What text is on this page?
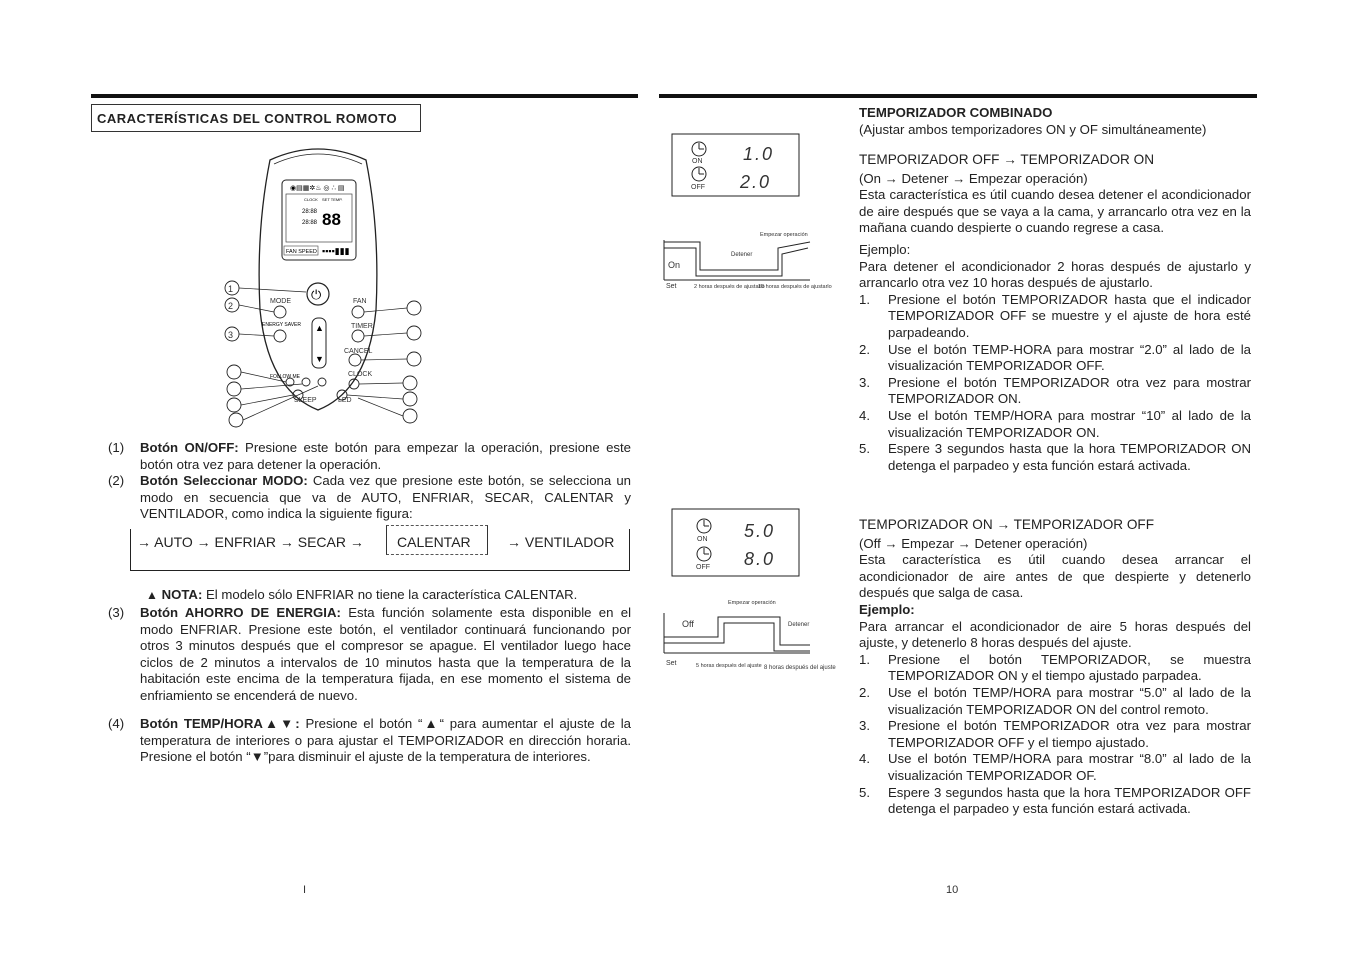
CARACTERÍSTICAS DEL CONTROL ROMOTO
◉▤▦✲♨ ◎ ∴ ▤
88
28:88
28:88
FAN SPEED ▪▪▪▪▮▮▮
CLOCK SET TEMP.
⏻
MODE	FAN
ENERGY SAVER	TIMER
CANCEL
FOLLOW ME	CLOCK
SLEEP	LED
▲
▼
1
2
3
(1) Botón ON/OFF: Presione este botón para empezar la operación, presione este botón otra vez para detener la operación.
(2) Botón Seleccionar MODO: Cada vez que presione este botón, se selecciona un modo en secuencia que va de AUTO, ENFRIAR, SECAR, CALENTAR y VENTILADOR, como indica la siguiente figura:
→ AUTO → ENFRIAR → SECAR → CALENTAR	→ VENTILADOR
▲ NOTA: El modelo sólo ENFRIAR no tiene la característica CALENTAR.
(3) Botón AHORRO DE ENERGIA: Esta función solamente esta disponible en el modo ENFRIAR. Presione este botón, el ventilador continuará funcionando por otros 3 minutos después que el compresor se apague. El ventilador luego hace ciclos de 2 minutos a intervalos de 10 minutos hasta que la temperatura de la habitación este encima de la temperatura fijada, en ese momento el sistema de enfriamiento se encenderá de nuevo.
(4) Botón TEMP/HORA▲▼: Presione el botón “▲“ para aumentar el ajuste de la temperatura de interiores o para ajustar el TEMPORIZADOR en dirección horaria. Presione el botón “▼”para disminuir el ajuste de la temperatura de interiores.
I
ON
OFF
1.0
2.0
Empezar operación
Detener
On
Set	2 horas después de ajustarlo
10 horas después de ajustarlo
ON
OFF
5.0
8.0
Empezar operación
Detener
Off
Set	5 horas después del ajuste 8 horas después del ajuste
TEMPORIZADOR COMBINADO
(Ajustar ambos temporizadores ON y OF simultáneamente)
TEMPORIZADOR OFF → TEMPORIZADOR ON
(On → Detener → Empezar operación)
Esta característica es útil cuando desea detener el acondicionador de aire después que se vaya a la cama, y arrancarlo otra vez en la mañana cuando despierte o cuando regrese a casa.
Ejemplo:
Para detener el acondicionador 2 horas después de ajustarlo y arrancarlo otra vez 10 horas después de ajustarlo.
1. Presione el botón TEMPORIZADOR hasta que el indicador TEMPORIZADOR OFF se muestre y el ajuste de hora esté parpadeando.
2. Use el botón TEMP-HORA para mostrar “2.0” al lado de la visualización TEMPORIZADOR OFF.
3. Presione el botón TEMPORIZADOR otra vez para mostrar TEMPORIZADOR ON.
4. Use el botón TEMP/HORA para mostrar “10” al lado de la visualización TEMPORIZADOR ON.
5. Espere 3 segundos hasta que la hora TEMPORIZADOR ON detenga el parpadeo y esta función estará activada.
TEMPORIZADOR ON → TEMPORIZADOR OFF
(Off → Empezar → Detener operación)
Esta característica es útil cuando desea arrancar el acondicionador de aire antes de que despierte y detenerlo después que salga de casa.
Ejemplo:
Para arrancar el acondicionador de aire 5 horas después del ajuste, y detenerlo 8 horas después del ajuste.
1. Presione el botón TEMPORIZADOR, se muestra TEMPORIZADOR ON y el tiempo ajustado parpadea.
2. Use el botón TEMP/HORA para mostrar “5.0” al lado de la visualización TEMPORIZADOR ON del control remoto.
3. Presione el botón TEMPORIZADOR otra vez para mostrar TEMPORIZADOR OFF y el tiempo ajustado.
4. Use el botón TEMP/HORA para mostrar “8.0” al lado de la visualización TEMPORIZADOR OF.
5. Espere 3 segundos hasta que la hora TEMPORIZADOR OFF detenga el parpadeo y esta función estará activada.
10
